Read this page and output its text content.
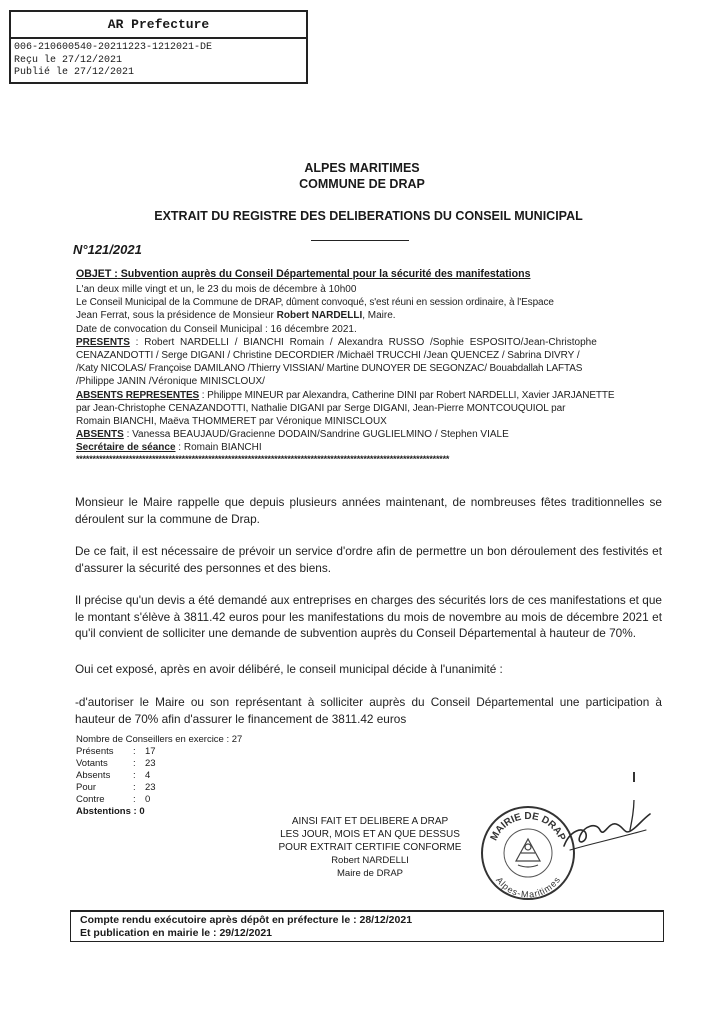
AR Prefecture
006-210600540-20211223-1212021-DE
Reçu le 27/12/2021
Publié le 27/12/2021
ALPES MARITIMES
COMMUNE DE DRAP
EXTRAIT DU REGISTRE DES DELIBERATIONS DU CONSEIL MUNICIPAL
N°121/2021
OBJET : Subvention auprès du Conseil Départemental pour la sécurité des manifestations
L'an deux mille vingt et un, le 23 du mois de décembre à 10h00
Le Conseil Municipal de la Commune de DRAP, dûment convoqué, s'est réuni en session ordinaire, à l'Espace
Jean Ferrat, sous la présidence de Monsieur Robert NARDELLI, Maire.
Date de convocation du Conseil Municipal : 16 décembre 2021.
PRESENTS : Robert NARDELLI / BIANCHI Romain / Alexandra RUSSO /Sophie ESPOSITO/Jean-Christophe
CENAZANDOTTI / Serge DIGANI / Christine DECORDIER /Michaël TRUCCHI /Jean QUENCEZ / Sabrina DIVRY /
/Katy NICOLAS/ Françoise DAMILANO /Thierry VISSIAN/ Martine DUNOYER DE SEGONZAC/ Bouabdallah LAFTAS
/Philippe JANIN /Véronique MINISCLOUX/
ABSENTS REPRESENTES : Philippe MINEUR par Alexandra, Catherine DINI par Robert NARDELLI, Xavier JARJANETTE
par Jean-Christophe CENAZANDOTTI, Nathalie DIGANI par Serge DIGANI, Jean-Pierre MONTCOUQUIOL par
Romain BIANCHI, Maëva THOMMERET par Véronique MINISCLOUX
ABSENTS : Vanessa BEAUJAUD/Gracienne DODAIN/Sandrine GUGLIELMINO / Stephen VIALE
Secrétaire de séance : Romain BIANCHI
*****************************************************************************************************************
Monsieur le Maire rappelle que depuis plusieurs années maintenant, de nombreuses fêtes traditionnelles se déroulent sur la commune de Drap.
De ce fait, il est nécessaire de prévoir un service d'ordre afin de permettre un bon déroulement des festivités et d'assurer la sécurité des personnes et des biens.
Il précise qu'un devis a été demandé aux entreprises en charges des sécurités lors de ces manifestations et que le montant s'élève à 3811.42 euros pour les manifestations du mois de novembre au mois de décembre 2021 et qu'il convient de solliciter une demande de subvention auprès du Conseil Départemental à hauteur de 70%.
Oui cet exposé, après en avoir délibéré, le conseil municipal décide à l'unanimité :
-d'autoriser le Maire ou son représentant à solliciter auprès du Conseil Départemental une participation à hauteur de 70% afin d'assurer le financement de 3811.42 euros
Nombre de Conseillers en exercice : 27
Présents : 17
Votants	: 23
Absents : 4
Pour	: 23
Contre	: 0
Abstentions : 0
AINSI FAIT ET DELIBERE A DRAP
LES JOUR, MOIS ET AN QUE DESSUS
POUR EXTRAIT CERTIFIE CONFORME
Robert NARDELLI
Maire de DRAP
MAIRIE DE DRAP
Alpes-Maritimes
Compte rendu exécutoire après dépôt en préfecture le : 28/12/2021
Et publication en mairie le : 29/12/2021
